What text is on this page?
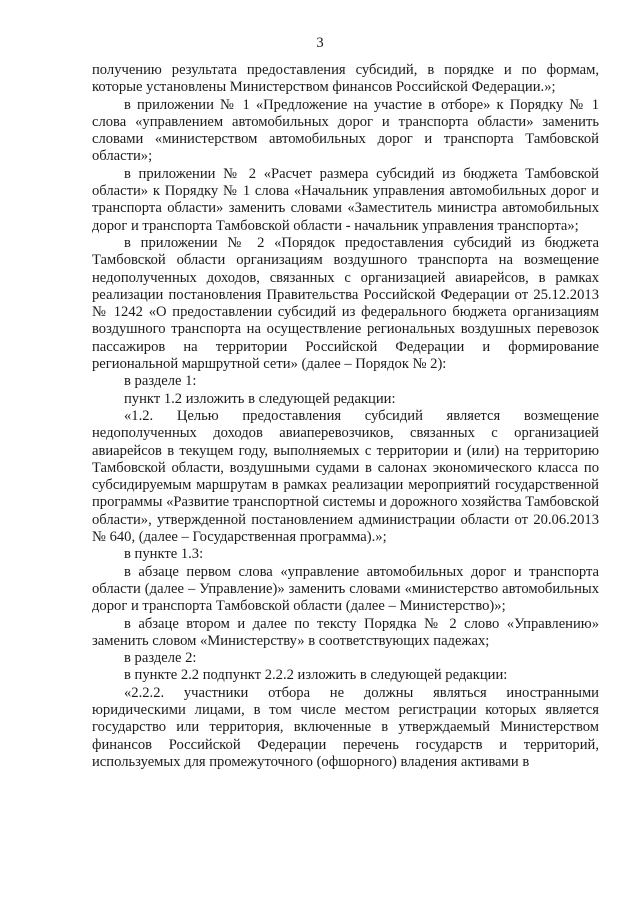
3

получению результата предоставления субсидий, в порядке и по формам, которые установлены Министерством финансов Российской Федерации.»;

в приложении № 1 «Предложение на участие в отборе» к Порядку № 1 слова «управлением автомобильных дорог и транспорта области» заменить словами «министерством автомобильных дорог и транспорта Тамбовской области»;

в приложении № 2 «Расчет размера субсидий из бюджета Тамбовской области» к Порядку № 1 слова «Начальник управления автомобильных дорог и транспорта области» заменить словами «Заместитель министра автомобильных дорог и транспорта Тамбовской области - начальник управления транспорта»;

в приложении № 2 «Порядок предоставления субсидий из бюджета Тамбовской области организациям воздушного транспорта на возмещение недополученных доходов, связанных с организацией авиарейсов, в рамках реализации постановления Правительства Российской Федерации от 25.12.2013 № 1242 «О предоставлении субсидий из федерального бюджета организациям воздушного транспорта на осуществление региональных воздушных перевозок пассажиров на территории Российской Федерации и формирование региональной маршрутной сети» (далее – Порядок № 2):

в разделе 1:

пункт 1.2 изложить в следующей редакции:

«1.2. Целью предоставления субсидий является возмещение недополученных доходов авиаперевозчиков, связанных с организацией авиарейсов в текущем году, выполняемых с территории и (или) на территорию Тамбовской области, воздушными судами в салонах экономического класса по субсидируемым маршрутам в рамках реализации мероприятий государственной программы «Развитие транспортной системы и дорожного хозяйства Тамбовской области», утвержденной постановлением администрации области от 20.06.2013 № 640, (далее – Государственная программа).»;

в пункте 1.3:

в абзаце первом слова «управление автомобильных дорог и транспорта области (далее – Управление)» заменить словами «министерство автомобильных дорог и транспорта Тамбовской области (далее – Министерство)»;

в абзаце втором и далее по тексту Порядка № 2 слово «Управлению» заменить словом «Министерству» в соответствующих падежах;

в разделе 2:

в пункте 2.2 подпункт 2.2.2 изложить в следующей редакции:

«2.2.2. участники отбора не должны являться иностранными юридическими лицами, в том числе местом регистрации которых является государство или территория, включенные в утверждаемый Министерством финансов Российской Федерации перечень государств и территорий, используемых для промежуточного (офшорного) владения активами в
